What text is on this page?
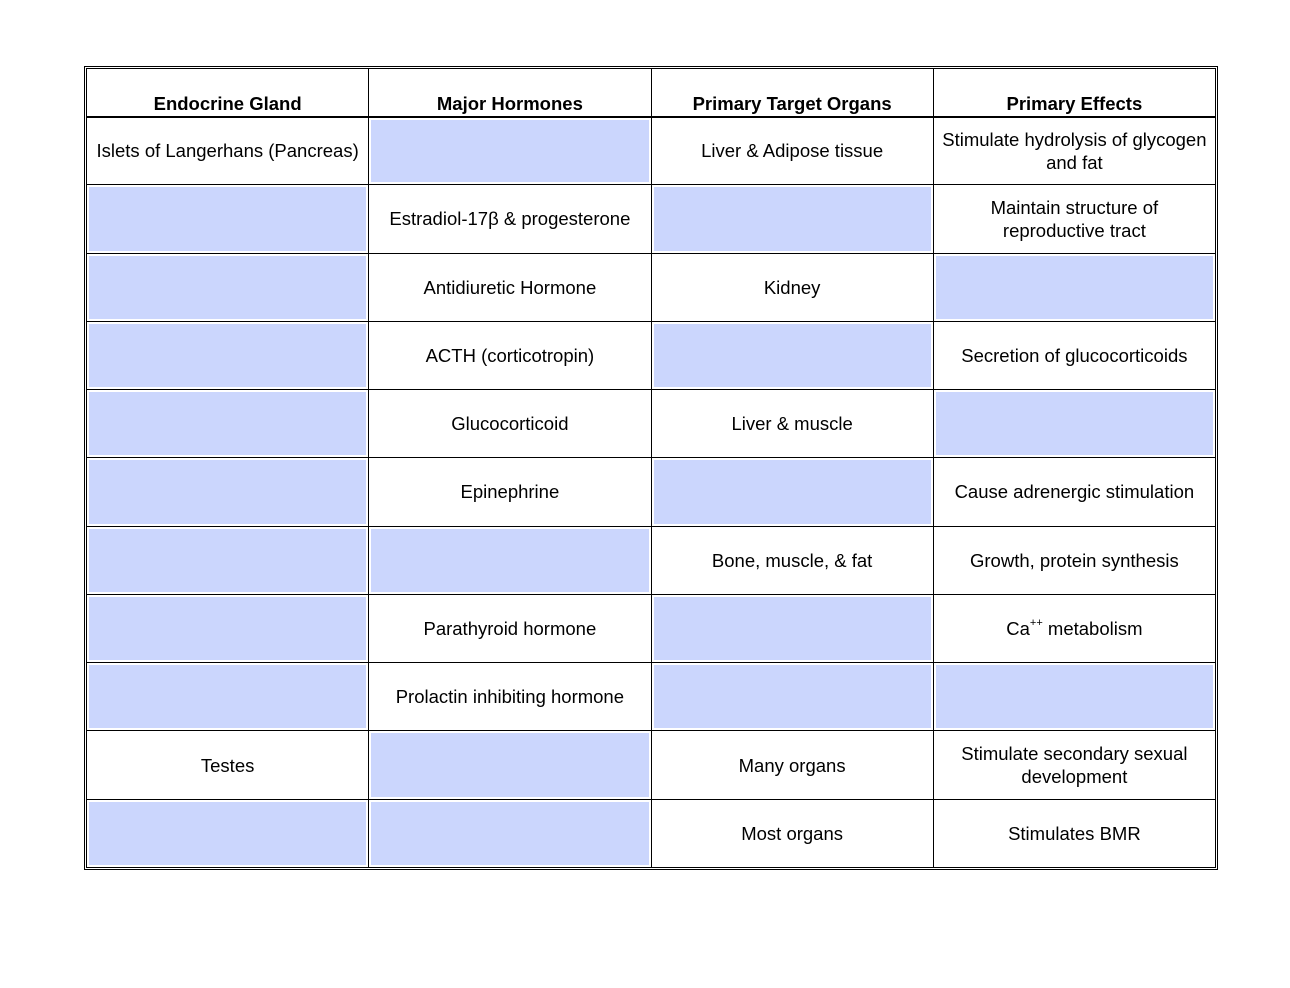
Endocrine Gland	Major Hormones	Primary Target Organs	Primary Effects
Islets of Langerhans (Pancreas)		Liver & Adipose tissue	Stimulate hydrolysis of glycogen and fat
	Estradiol-17β & progesterone		Maintain structure of reproductive tract
	Antidiuretic Hormone	Kidney	
	ACTH (corticotropin)		Secretion of glucocorticoids
	Glucocorticoid	Liver & muscle	
	Epinephrine		Cause adrenergic stimulation
		Bone, muscle, & fat	Growth, protein synthesis
	Parathyroid hormone		Ca++ metabolism
	Prolactin inhibiting hormone		
Testes		Many organs	Stimulate secondary sexual development
		Most organs	Stimulates BMR
